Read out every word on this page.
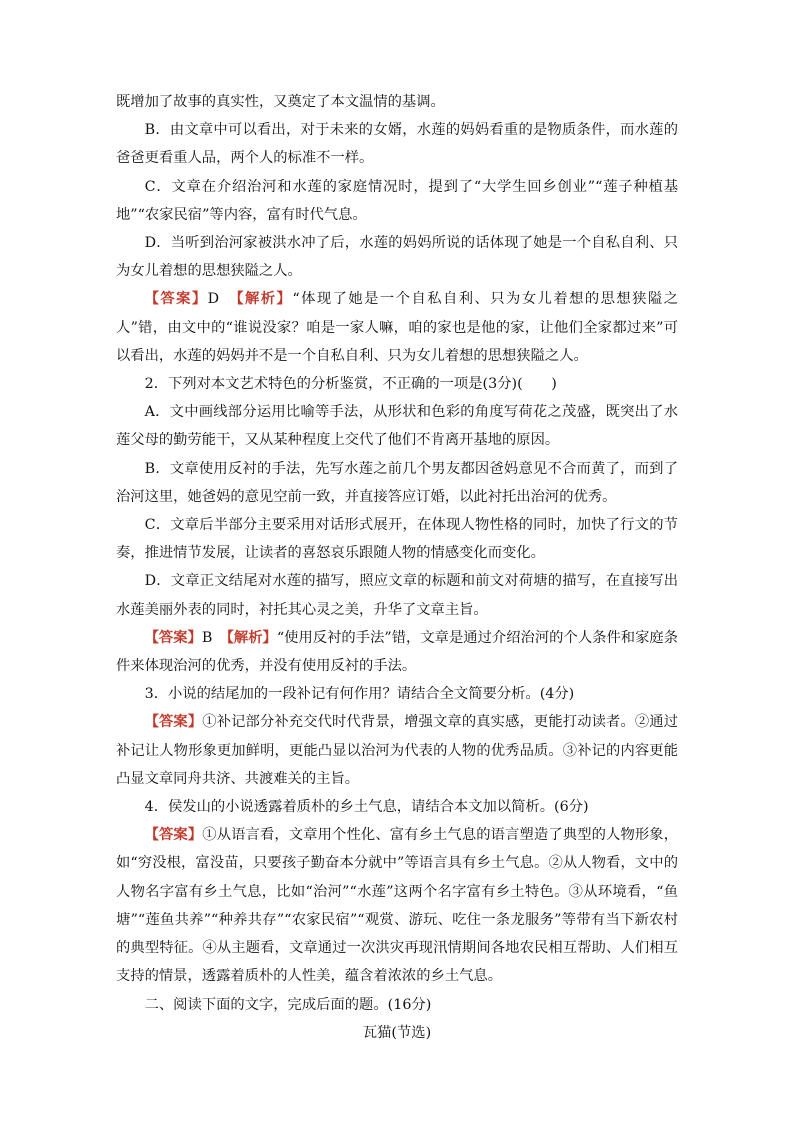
既增加了故事的真实性，又奠定了本文温情的基调。

B．由文章中可以看出，对于未来的女婿，水莲的妈妈看重的是物质条件，而水莲的爸爸更看重人品，两个人的标准不一样。

C．文章在介绍治河和水莲的家庭情况时，提到了“大学生回乡创业”“莲子种植基地”“农家民宿”等内容，富有时代气息。

D．当听到治河家被洪水冲了后，水莲的妈妈所说的话体现了她是一个自私自利、只为女儿着想的思想狭隘之人。

【答案】D　 【解析】“体现了她是一个自私自利、只为女儿着想的思想狭隘之人”错，由文中的“谁说没家？咱是一家人嘛，咱的家也是他的家，让他们全家都过来”可以看出，水莲的妈妈并不是一个自私自利、只为女儿着想的思想狭隘之人。

2．下列对本文艺术特色的分析鉴赏，不正确的一项是(3分)(　　)

A．文中画线部分运用比喻等手法，从形状和色彩的角度写荷花之茂盛，既突出了水莲父母的勤劳能干，又从某种程度上交代了他们不肯离开基地的原因。

B．文章使用反衬的手法，先写水莲之前几个男友都因爸妈意见不合而黄了，而到了治河这里，她爸妈的意见空前一致，并直接答应订婚，以此衬托出治河的优秀。

C．文章后半部分主要采用对话形式展开，在体现人物性格的同时，加快了行文的节奏，推进情节发展，让读者的喜怒哀乐跟随人物的情感变化而变化。

D．文章正文结尾对水莲的描写，照应文章的标题和前文对荷塘的描写，在直接写出水莲美丽外表的同时，衬托其心灵之美，升华了文章主旨。

【答案】B　 【解析】“使用反衬的手法”错，文章是通过介绍治河的个人条件和家庭条件来体现治河的优秀，并没有使用反衬的手法。

3．小说的结尾加的一段补记有何作用？请结合全文简要分析。(4分)

【答案】①补记部分补充交代时代背景，增强文章的真实感，更能打动读者。②通过补记让人物形象更加鲜明，更能凸显以治河为代表的人物的优秀品质。③补记的内容更能凸显文章同舟共济、共渡难关的主旨。

4．侯发山的小说透露着质朴的乡土气息，请结合本文加以简析。(6分)

【答案】①从语言看，文章用个性化、富有乡土气息的语言塑造了典型的人物形象，如“穷没根，富没苗，只要孩子勤奋本分就中”等语言具有乡土气息。②从人物看，文中的人物名字富有乡土气息，比如“治河”“水莲”这两个名字富有乡土特色。③从环境看，“鱼塘”“莲鱼共养”“种养共存”“农家民宿”“观赏、游玩、吃住一条龙服务”等带有当下新农村的典型特征。④从主题看，文章通过一次洪灾再现汛情期间各地农民相互帮助、人们相互支持的情景，透露着质朴的人性美，蕴含着浓浓的乡土气息。

二、阅读下面的文字，完成后面的题。(16分)

瓦猫(节选)
